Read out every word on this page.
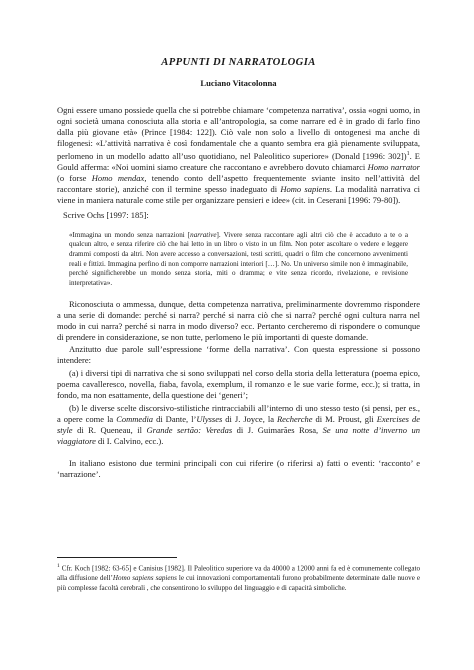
APPUNTI DI NARRATOLOGIA
Luciano Vitacolonna

Ogni essere umano possiede quella che si potrebbe chiamare ‘competenza narrativa’, ossia «ogni uomo, in ogni società umana conosciuta alla storia e all’antropologia, sa come narrare ed è in grado di farlo fino dalla più giovane età» (Prince [1984: 122]). Ciò vale non solo a livello di ontogenesi ma anche di filogenesi: «L’attività narrativa è così fondamentale che a quanto sembra era già pienamente sviluppata, perlomeno in un modello adatto all’uso quotidiano, nel Paleolitico superiore» (Donald [1996: 302])$^1$. E Gould afferma: «Noi uomini siamo creature che raccontano e avrebbero dovuto chiamarci Homo narrator (o forse Homo mendax, tenendo conto dell’aspetto frequentemente sviante insito nell’attività del raccontare storie), anziché con il termine spesso inadeguato di Homo sapiens. La modalità narrativa ci viene in maniera naturale come stile per organizzare pensieri e idee» (cit. in Ceserani [1996: 79-80]).

Scrive Ochs [1997: 185]:

«Immagina un mondo senza narrazioni [narrative]. Vivere senza raccontare agli altri ciò che è accaduto a te o a qualcun altro, e senza riferire ciò che hai letto in un libro o visto in un film. Non poter ascoltare o vedere e leggere drammi composti da altri. Non avere accesso a conversazioni, testi scritti, quadri o film che concernono avvenimenti reali e fittizi. Immagina perfino di non comporre narrazioni interiori […]. No. Un universo simile non è immaginabile, perché significherebbe un mondo senza storia, miti o dramma; e vite senza ricordo, rivelazione, e revisione interpretativa».

Riconosciuta o ammessa, dunque, detta competenza narrativa, preliminarmente dovremmo rispondere a una serie di domande: perché si narra? perché si narra ciò che si narra? perché ogni cultura narra nel modo in cui narra? perché si narra in modo diverso? ecc. Pertanto cercheremo di rispondere o comunque di prendere in considerazione, se non tutte, perlomeno le più importanti di queste domande.

Anzitutto due parole sull’espressione ‘forme della narrativa’. Con questa espressione si possono intendere:

(a) i diversi tipi di narrativa che si sono sviluppati nel corso della storia della letteratura (poema epico, poema cavalleresco, novella, fiaba, favola, exemplum, il romanzo e le sue varie forme, ecc.); si tratta, in fondo, ma non esattamente, della questione dei ‘generi’;

(b) le diverse scelte discorsivo-stilistiche rintracciabili all’interno di uno stesso testo (si pensi, per es., a opere come la Commedia di Dante, l’Ulysses di J. Joyce, la Recherche di M. Proust, gli Exercises de style di R. Queneau, il Grande sertão: Veredas di J. Guimarães Rosa, Se una notte d’inverno un viaggiatore di I. Calvino, ecc.).

In italiano esistono due termini principali con cui riferire (o riferirsi a) fatti o eventi: ‘racconto’ e ‘narrazione’.

$^1$ Cfr. Koch [1982: 63-65] e Canisius [1982]. Il Paleolitico superiore va da 40000 a 12000 anni fa ed è comunemente collegato alla diffusione dell’Homo sapiens sapiens le cui innovazioni comportamentali furono probabilmente determinate dalle nuove e più complesse facoltà cerebrali , che consentirono lo sviluppo del linguaggio e di capacità simboliche.
